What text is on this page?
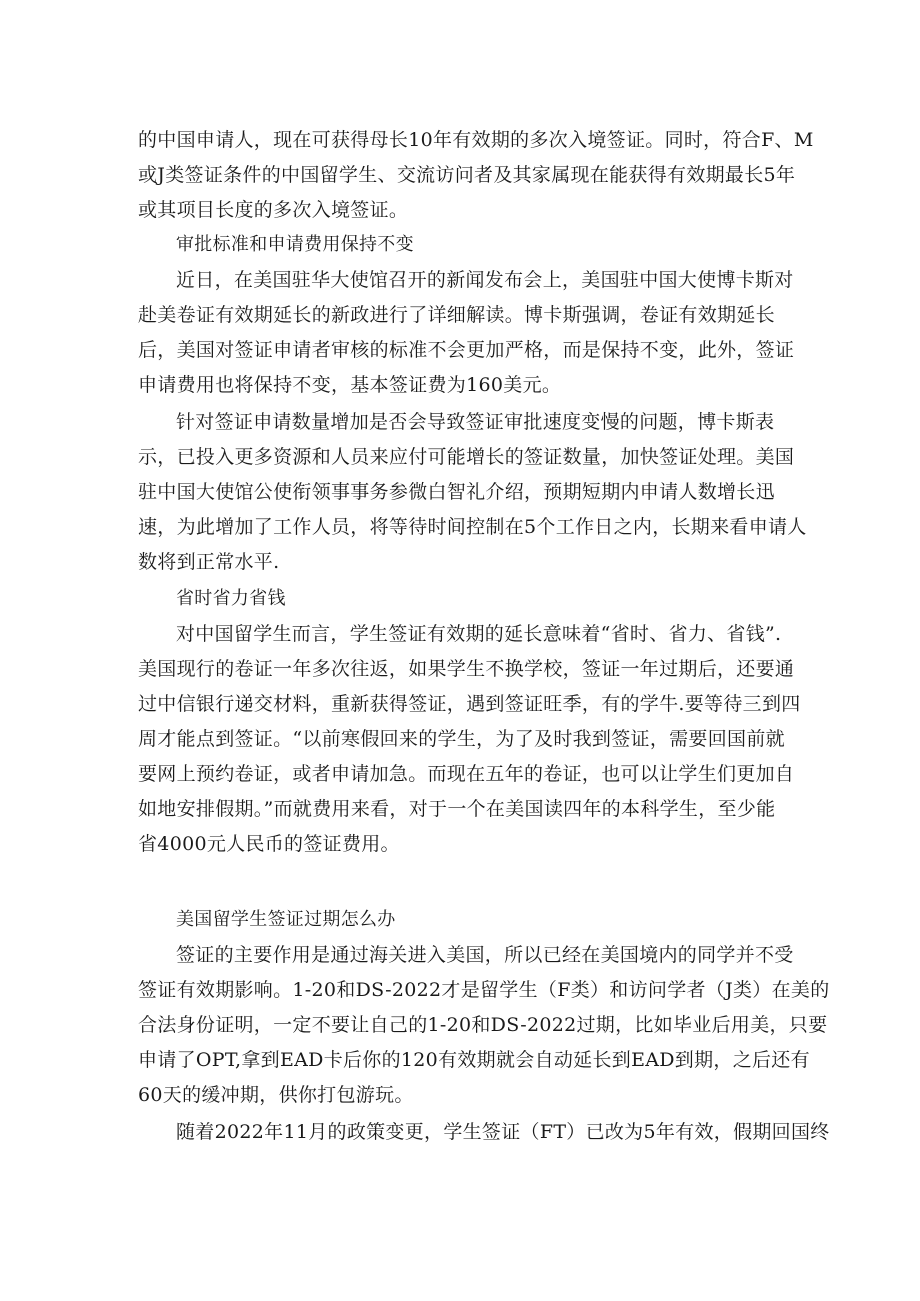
的中国申请人，现在可获得母长10年有效期的多次入境签证。同时，符合F、M
或J类签证条件的中国留学生、交流访问者及其家属现在能获得有效期最长5年
或其项目长度的多次入境签证。
审批标准和申请费用保持不变
近日，在美国驻华大使馆召开的新闻发布会上，美国驻中国大使博卡斯对
赴美卷证有效期延长的新政进行了详细解读。博卡斯强调，卷证有效期延长
后，美国对签证申请者审核的标准不会更加严格，而是保持不变，此外，签证
申请费用也将保持不变，基本签证费为160美元。
针对签证申请数量增加是否会导致签证审批速度变慢的问题，博卡斯表
示，已投入更多资源和人员来应付可能增长的签证数量，加快签证处理。美国
驻中国大使馆公使衔领事事务参微白智礼介绍，预期短期内申请人数增长迅
速，为此增加了工作人员，将等待时间控制在5个工作日之内，长期来看申请人
数将到正常水平.
省时省力省钱
对中国留学生而言，学生签证有效期的延长意味着“省时、省力、省钱”.
美国现行的卷证一年多次往返，如果学生不换学校，签证一年过期后，还要通
过中信银行递交材料，重新获得签证，遇到签证旺季，有的学牛.要等待三到四
周才能点到签证。“以前寒假回来的学生，为了及时我到签证，需要回国前就
要网上预约卷证，或者申请加急。而现在五年的卷证，也可以让学生们更加自
如地安排假期。”而就费用来看，对于一个在美国读四年的本科学生，至少能
省4000元人民币的签证费用。
美国留学生签证过期怎么办
签证的主要作用是通过海关进入美国，所以已经在美国境内的同学并不受
签证有效期影响。1-20和DS-2022才是留学生（F类）和访问学者（J类）在美的
合法身份证明，一定不要让自己的1-20和DS-2022过期，比如毕业后用美，只要
申请了OPT,拿到EAD卡后你的120有效期就会自动延长到EAD到期，之后还有
60天的缓冲期，供你打包游玩。
随着2022年11月的政策变更，学生签证（FT）已改为5年有效，假期回国终
